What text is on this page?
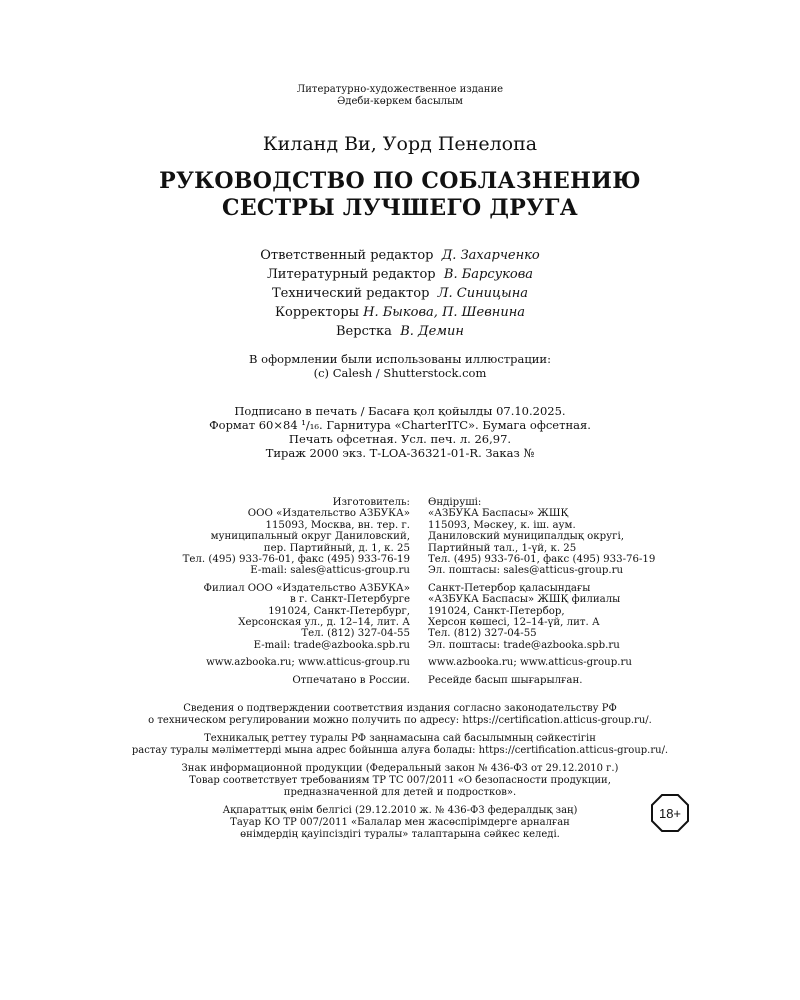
Литературно-художественное издание
Әдеби-көркем басылым
Киланд Ви, Уорд Пенелопа
РУКОВОДСТВО ПО СОБЛАЗНЕНИЮ
СЕСТРЫ ЛУЧШЕГО ДРУГА
Ответственный редактор Д. Захарченко
Литературный редактор В. Барсукова
Технический редактор Л. Синицына
Корректоры Н. Быкова, П. Шевнина
Верстка В. Демин
В оформлении были использованы иллюстрации:
(c) Calesh / Shutterstock.com
Подписано в печать / Басаға қол қойылды 07.10.2025.
Формат 60×84 ¹/₁₆. Гарнитура «CharterITC». Бумага офсетная.
Печать офсетная. Усл. печ. л. 26,97.
Тираж 2000 экз. Т-LOA-36321-01-R. Заказ №
Изготовитель:
ООО «Издательство АЗБУКА»
115093, Москва, вн. тер. г.
муниципальный округ Даниловский,
пер. Партийный, д. 1, к. 25
Тел. (495) 933-76-01, факс (495) 933-76-19
E-mail: sales@atticus-group.ru
Филиал ООО «Издательство АЗБУКА»
в г. Санкт-Петербурге
191024, Санкт-Петербург,
Херсонская ул., д. 12–14, лит. А
Тел. (812) 327-04-55
E-mail: trade@azbooka.spb.ru
www.azbooka.ru; www.atticus-group.ru
Отпечатано в России.
Өндіруші:
«АЗБУКА Баспасы» ЖШҚ
115093, Мәскеу, к. іш. аум.
Даниловский муниципалдық округі,
Партийный тал., 1-үй, к. 25
Тел. (495) 933-76-01, факс (495) 933-76-19
Эл. поштасы: sales@atticus-group.ru
Санкт-Петербор қаласындағы
«АЗБУКА Баспасы» ЖШҚ филиалы
191024, Санкт-Петербор,
Херсон көшесі, 12–14-үй, лит. А
Тел. (812) 327-04-55
Эл. поштасы: trade@azbooka.spb.ru
www.azbooka.ru; www.atticus-group.ru
Ресейде басып шығарылған.
Сведения о подтверждении соответствия издания согласно законодательству РФ
о техническом регулировании можно получить по адресу: https://certification.atticus-group.ru/.
Техникалық реттеу туралы РФ заңнамасына сай басылымның сәйкестігін
растау туралы мәліметтерді мына адрес бойынша алуға болады: https://certification.atticus-group.ru/.
Знак информационной продукции (Федеральный закон № 436-ФЗ от 29.12.2010 г.)
Товар соответствует требованиям ТР ТС 007/2011 «О безопасности продукции,
предназначенной для детей и подростков».
Ақпараттық өнім белгісі (29.12.2010 ж. № 436-ФЗ федералдық заң)
Тауар КО ТР 007/2011 «Балалар мен жасөспірімдерге арналған
өнімдердің қауіпсіздігі туралы» талаптарына сәйкес келеді.
18+
